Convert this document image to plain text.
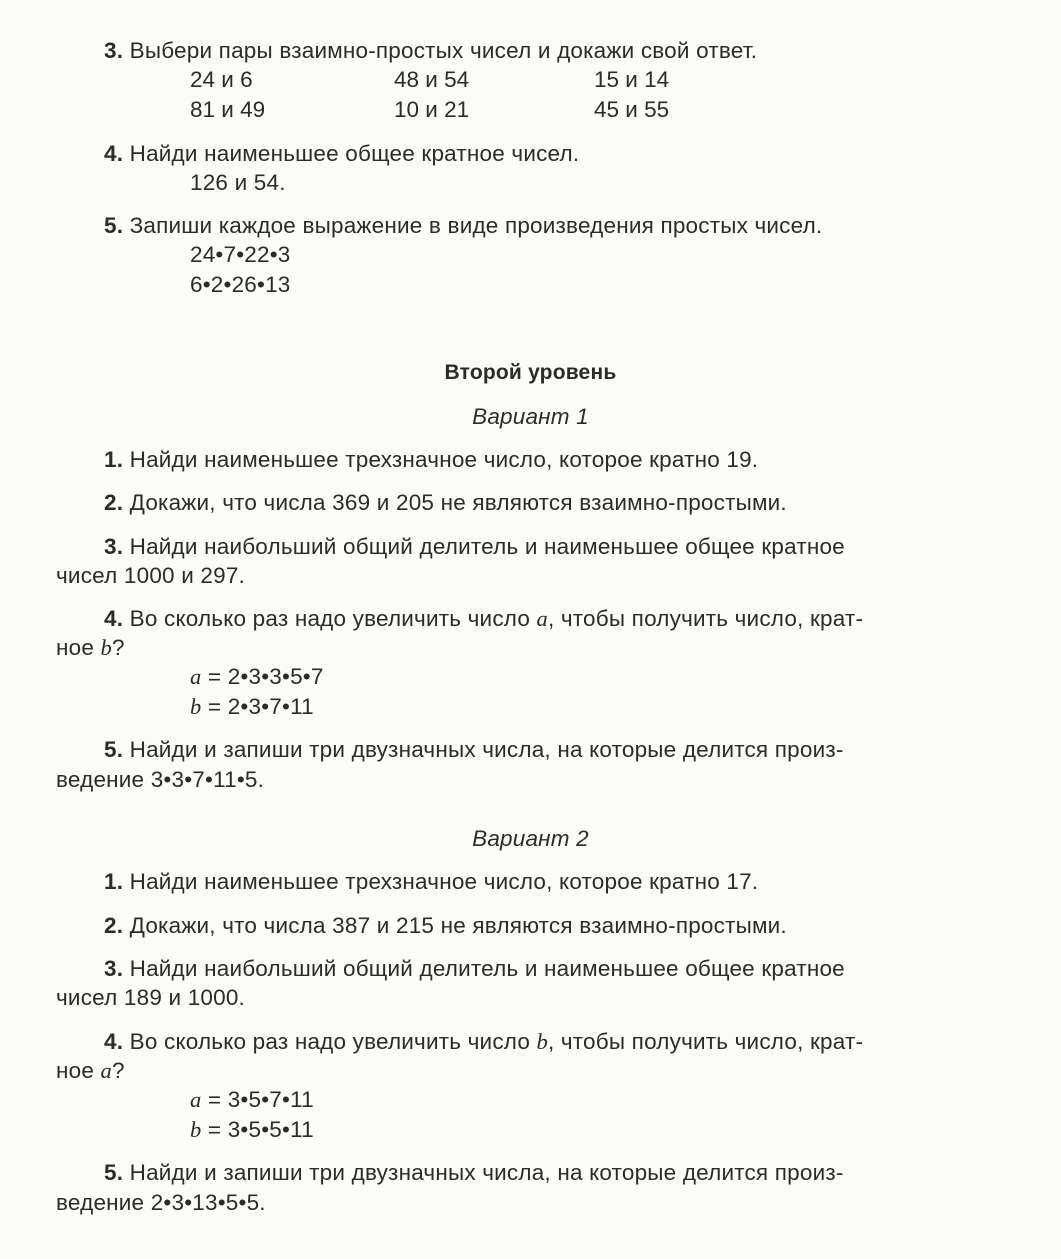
3. Выбери пары взаимно-простых чисел и докажи свой ответ.
24 и 6	48 и 54	15 и 14
81 и 49	10 и 21	45 и 55
4. Найди наименьшее общее кратное чисел.
126 и 54.
5. Запиши каждое выражение в виде произведения простых чисел.
24•7•22•3
6•2•26•13
Второй уровень
Вариант 1
1. Найди наименьшее трехзначное число, которое кратно 19.
2. Докажи, что числа 369 и 205 не являются взаимно-простыми.
3. Найди наибольший общий делитель и наименьшее общее кратное
чисел 1000 и 297.
4. Во сколько раз надо увеличить число a, чтобы получить число, крат-
ное b?
a = 2•3•3•5•7
b = 2•3•7•11
5. Найди и запиши три двузначных числа, на которые делится произ-
ведение 3•3•7•11•5.
Вариант 2
1. Найди наименьшее трехзначное число, которое кратно 17.
2. Докажи, что числа 387 и 215 не являются взаимно-простыми.
3. Найди наибольший общий делитель и наименьшее общее кратное
чисел 189 и 1000.
4. Во сколько раз надо увеличить число b, чтобы получить число, крат-
ное a?
a = 3•5•7•11
b = 3•5•5•11
5. Найди и запиши три двузначных числа, на которые делится произ-
ведение 2•3•13•5•5.
